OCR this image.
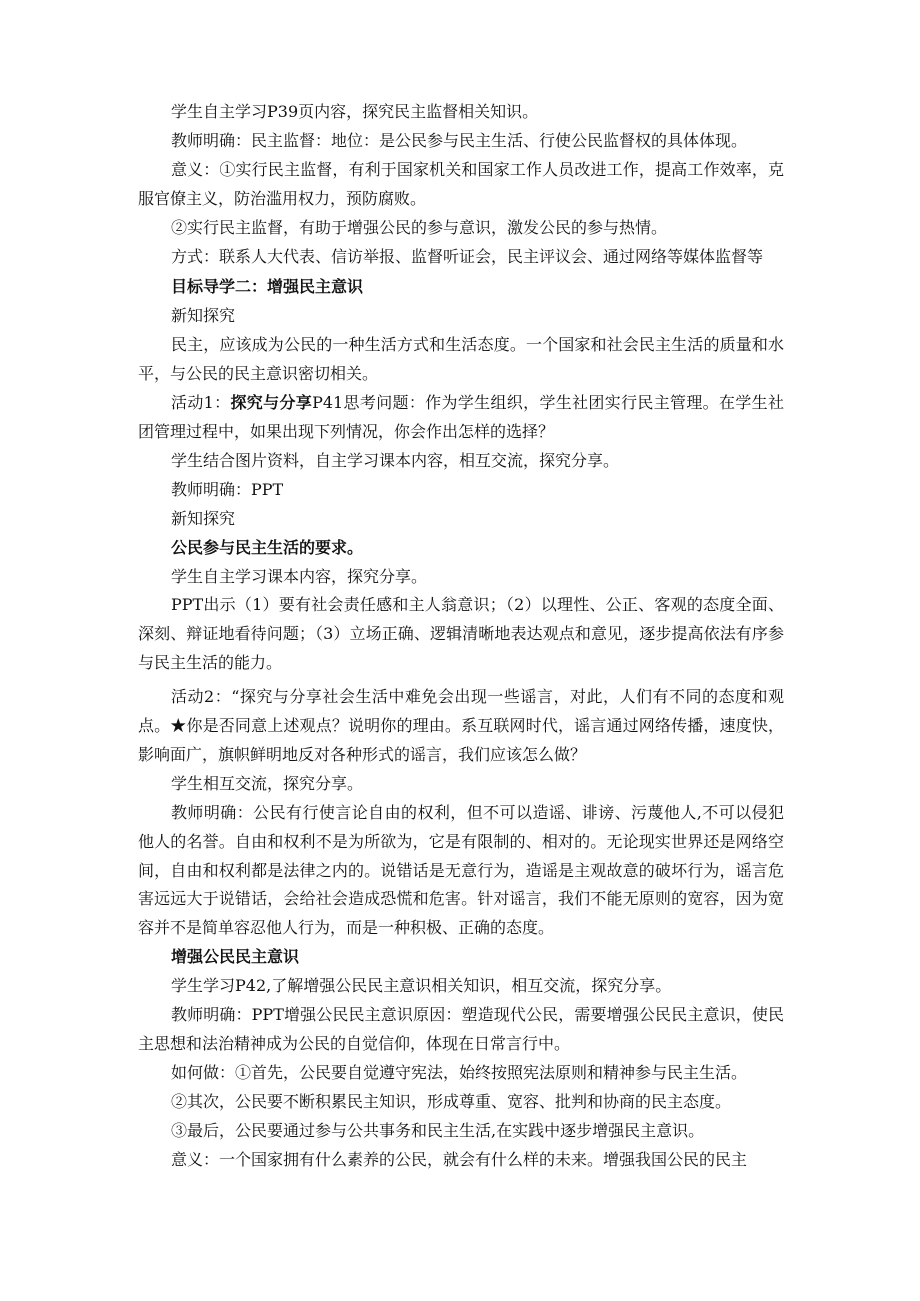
学生自主学习P39页内容，探究民主监督相关知识。

教师明确：民主监督：地位：是公民参与民主生活、行使公民监督权的具体体现。

意义：①实行民主监督，有利于国家机关和国家工作人员改进工作，提高工作效率，克服官僚主义，防治滥用权力，预防腐败。

②实行民主监督，有助于增强公民的参与意识，激发公民的参与热情。

方式：联系人大代表、信访举报、监督听证会，民主评议会、通过网络等媒体监督等

目标导学二：增强民主意识

新知探究

民主，应该成为公民的一种生活方式和生活态度。一个国家和社会民主生活的质量和水平，与公民的民主意识密切相关。

活动1：探究与分享P41思考问题：作为学生组织，学生社团实行民主管理。在学生社团管理过程中，如果出现下列情况，你会作出怎样的选择？

学生结合图片资料，自主学习课本内容，相互交流，探究分享。

教师明确：PPT

新知探究

公民参与民主生活的要求。

学生自主学习课本内容，探究分享。

PPT出示（1）要有社会责任感和主人翁意识；（2）以理性、公正、客观的态度全面、深刻、辩证地看待问题；（3）立场正确、逻辑清晰地表达观点和意见，逐步提高依法有序参与民主生活的能力。

活动2：“探究与分享社会生活中难免会出现一些谣言，对此，人们有不同的态度和观点。★你是否同意上述观点？说明你的理由。系互联网时代，谣言通过网络传播，速度快，影响面广，旗帜鲜明地反对各种形式的谣言，我们应该怎么做？

学生相互交流，探究分享。

教师明确：公民有行使言论自由的权利，但不可以造谣、诽谤、污蔑他人,不可以侵犯他人的名誉。自由和权利不是为所欲为，它是有限制的、相对的。无论现实世界还是网络空间，自由和权利都是法律之内的。说错话是无意行为，造谣是主观故意的破坏行为，谣言危害远远大于说错话，会给社会造成恐慌和危害。针对谣言，我们不能无原则的宽容，因为宽容并不是简单容忍他人行为，而是一种积极、正确的态度。

增强公民民主意识

学生学习P42,了解增强公民民主意识相关知识，相互交流，探究分享。

教师明确：PPT增强公民民主意识原因：塑造现代公民，需要增强公民民主意识，使民主思想和法治精神成为公民的自觉信仰，体现在日常言行中。

如何做：①首先，公民要自觉遵守宪法，始终按照宪法原则和精神参与民主生活。

②其次，公民要不断积累民主知识，形成尊重、宽容、批判和协商的民主态度。

③最后，公民要通过参与公共事务和民主生活,在实践中逐步增强民主意识。

意义：一个国家拥有什么素养的公民，就会有什么样的未来。增强我国公民的民主
